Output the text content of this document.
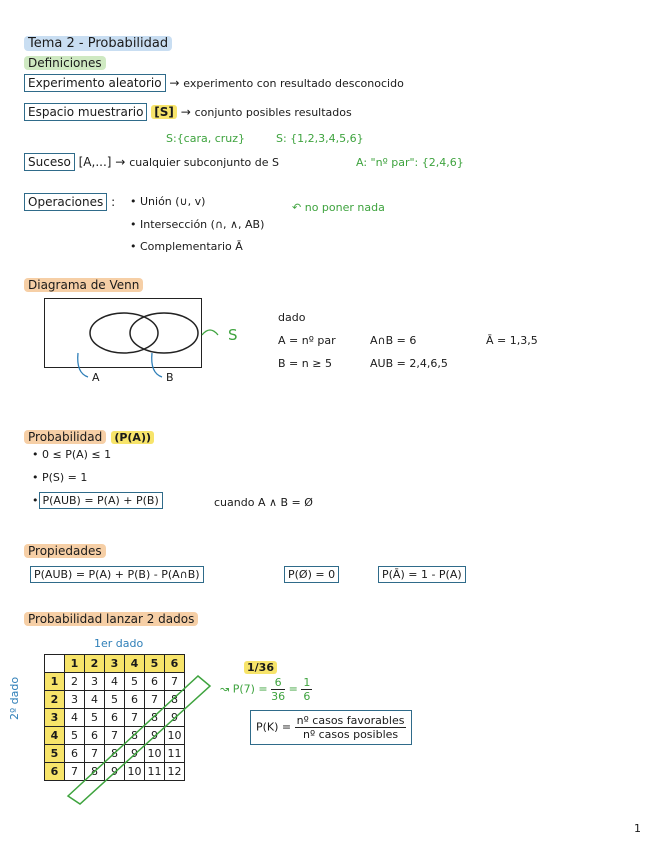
Tema 2 - Probabilidad
Definiciones
Experimento aleatorio → experimento con resultado desconocido
Espacio muestrario [S] → conjunto posibles resultados
S:{cara, cruz}	S: {1,2,3,4,5,6}
Suceso [A,...] → cualquier subconjunto de S	A: "nº par": {2,4,6}
Operaciones : • Unión (∪, v)
• Intersección (∩, ∧, AB)
↶ no poner nada
• Complementario Ā
Diagrama de Venn
S
A	B
dado
A = nº par
B = n ≥ 5
A∩B = 6
AUB = 2,4,6,5
Ā = 1,3,5
Probabilidad (P(A))
• 0 ≤ P(A) ≤ 1
• P(S) = 1
• P(AUB) = P(A) + P(B)	cuando A ∧ B = Ø
Propiedades
P(AUB) = P(A) + P(B) - P(A∩B)	P(Ø) = 0	P(Ā) = 1 - P(A)
Probabilidad lanzar 2 dados
1er dado
2º dado
	1	2	3	4	5	6
1	2	3	4	5	6	7
2	3	4	5	6	7	8
3	4	5	6	7	8	9
4	5	6	7	8	9	10
5	6	7	8	9	10	11
6	7	8	9	10	11	12
1/36
↝ $P(7) = \frac{6}{36} = \frac{1}{6}$
$P(K) = \frac{\text{nº casos favorables}}{\text{nº casos posibles}}$
1
